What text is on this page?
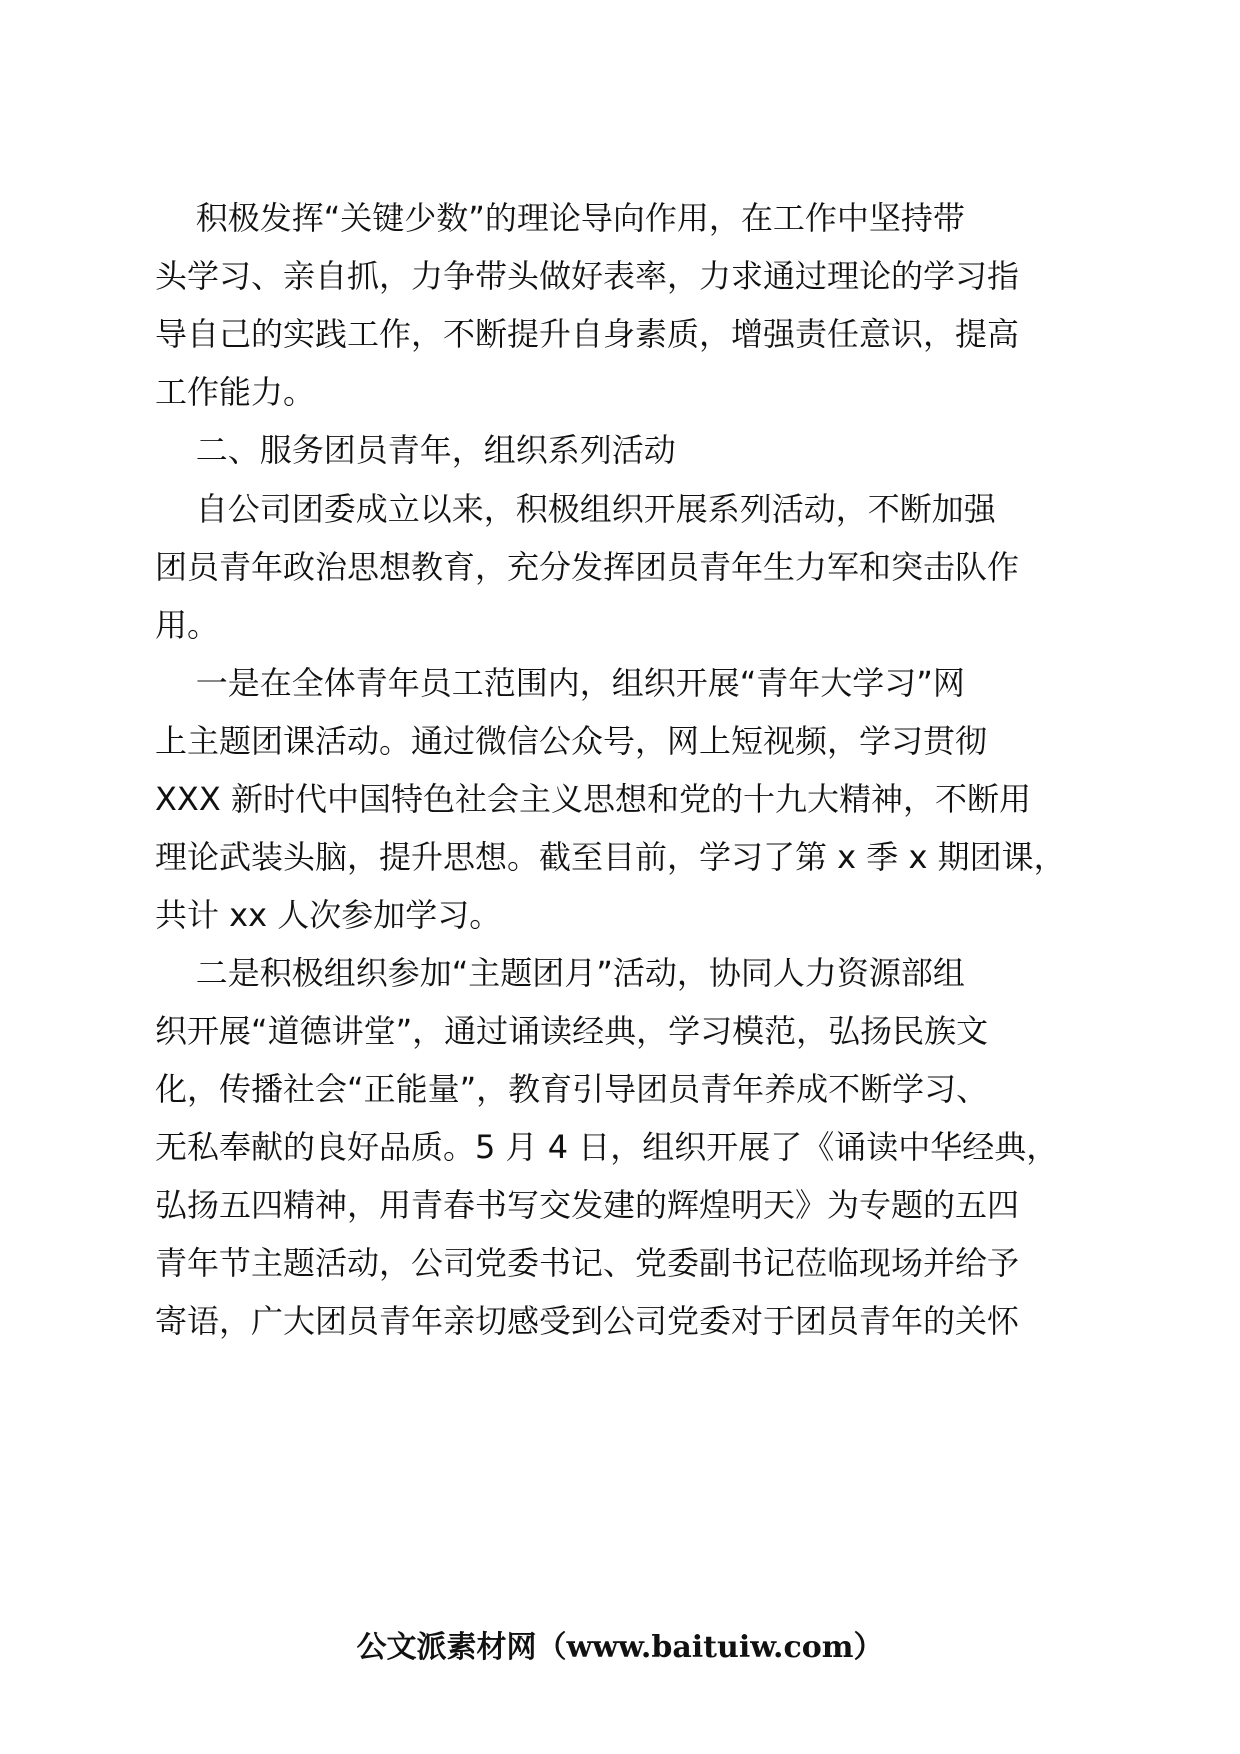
积极发挥“关键少数”的理论导向作用，在工作中坚持带
头学习、亲自抓，力争带头做好表率，力求通过理论的学习指
导自己的实践工作，不断提升自身素质，增强责任意识，提高
工作能力。
二、服务团员青年，组织系列活动
自公司团委成立以来，积极组织开展系列活动，不断加强
团员青年政治思想教育，充分发挥团员青年生力军和突击队作
用。
一是在全体青年员工范围内，组织开展“青年大学习”网
上主题团课活动。通过微信公众号，网上短视频，学习贯彻
XXX 新时代中国特色社会主义思想和党的十九大精神，不断用
理论武装头脑，提升思想。截至目前，学习了第 x 季 x 期团课，
共计 xx 人次参加学习。
二是积极组织参加“主题团月”活动，协同人力资源部组
织开展“道德讲堂”，通过诵读经典，学习模范，弘扬民族文
化，传播社会“正能量”，教育引导团员青年养成不断学习、
无私奉献的良好品质。5 月 4 日，组织开展了《诵读中华经典，
弘扬五四精神，用青春书写交发建的辉煌明天》为专题的五四
青年节主题活动，公司党委书记、党委副书记莅临现场并给予
寄语，广大团员青年亲切感受到公司党委对于团员青年的关怀
公文派素材网（www.baituiw.com）
